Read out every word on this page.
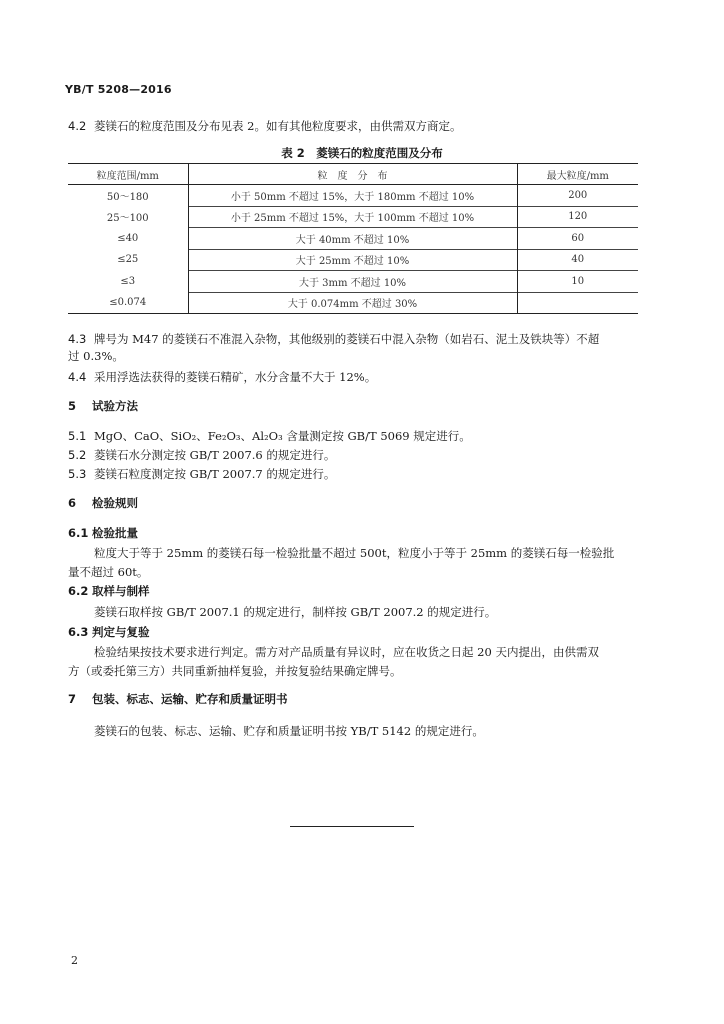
YB/T 5208—2016
4.2 菱镁石的粒度范围及分布见表 2。如有其他粒度要求，由供需双方商定。
表 2　菱镁石的粒度范围及分布
粒度范围/mm	粒　度　分　布	最大粒度/mm
50～180	小于 50mm 不超过 15%，大于 180mm 不超过 10%	200
25～100	小于 25mm 不超过 15%，大于 100mm 不超过 10%	120
≤40	大于 40mm 不超过 10%	60
≤25	大于 25mm 不超过 10%	40
≤3	大于 3mm 不超过 10%	10
≤0.074	大于 0.074mm 不超过 30%	
4.3 牌号为 M47 的菱镁石不准混入杂物，其他级别的菱镁石中混入杂物（如岩石、泥土及铁块等）不超
过 0.3%。
4.4 采用浮选法获得的菱镁石精矿，水分含量不大于 12%。
5 试验方法
5.1 MgO、CaO、SiO₂、Fe₂O₃、Al₂O₃ 含量测定按 GB/T 5069 规定进行。
5.2 菱镁石水分测定按 GB/T 2007.6 的规定进行。
5.3 菱镁石粒度测定按 GB/T 2007.7 的规定进行。
6 检验规则
6.1 检验批量
粒度大于等于 25mm 的菱镁石每一检验批量不超过 500t，粒度小于等于 25mm 的菱镁石每一检验批
量不超过 60t。
6.2 取样与制样
菱镁石取样按 GB/T 2007.1 的规定进行，制样按 GB/T 2007.2 的规定进行。
6.3 判定与复验
检验结果按技术要求进行判定。需方对产品质量有异议时，应在收货之日起 20 天内提出，由供需双
方（或委托第三方）共同重新抽样复验，并按复验结果确定牌号。
7 包装、标志、运输、贮存和质量证明书
菱镁石的包装、标志、运输、贮存和质量证明书按 YB/T 5142 的规定进行。
2
